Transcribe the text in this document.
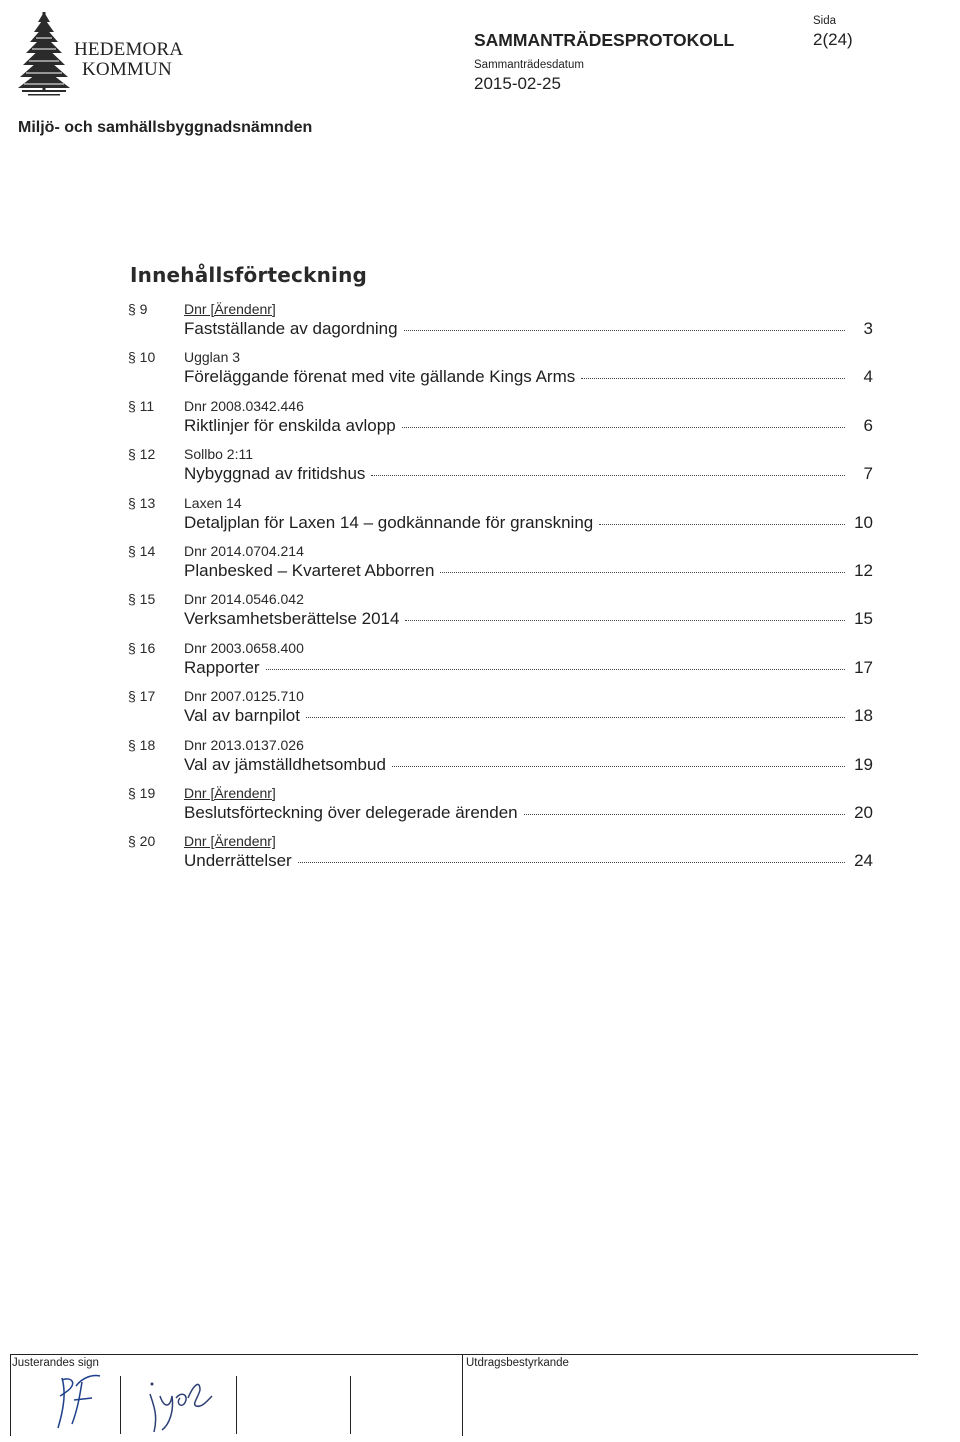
HEDEMORA
KOMMUN
SAMMANTRÄDESPROTOKOLL
Sammanträdesdatum
2015-02-25
Sida
2(24)
Miljö- och samhällsbyggnadsnämnden
Innehållsförteckning
§ 9	Dnr [Ärendenr]
Fastställande av dagordning	3
§ 10 Ugglan 3
Föreläggande förenat med vite gällande Kings Arms	4
§ 11 Dnr 2008.0342.446
Riktlinjer för enskilda avlopp	6
§ 12 Sollbo 2:11
Nybyggnad av fritidshus	7
§ 13 Laxen 14
Detaljplan för Laxen 14 – godkännande för granskning	10
§ 14 Dnr 2014.0704.214
Planbesked – Kvarteret Abborren	12
§ 15 Dnr 2014.0546.042
Verksamhetsberättelse 2014	15
§ 16 Dnr 2003.0658.400
Rapporter	17
§ 17 Dnr 2007.0125.710
Val av barnpilot	18
§ 18 Dnr 2013.0137.026
Val av jämställdhetsombud	19
§ 19 Dnr [Ärendenr]
Beslutsförteckning över delegerade ärenden	20
§ 20 Dnr [Ärendenr]
Underrättelser	24
Justerandes sign	Utdragsbestyrkande
